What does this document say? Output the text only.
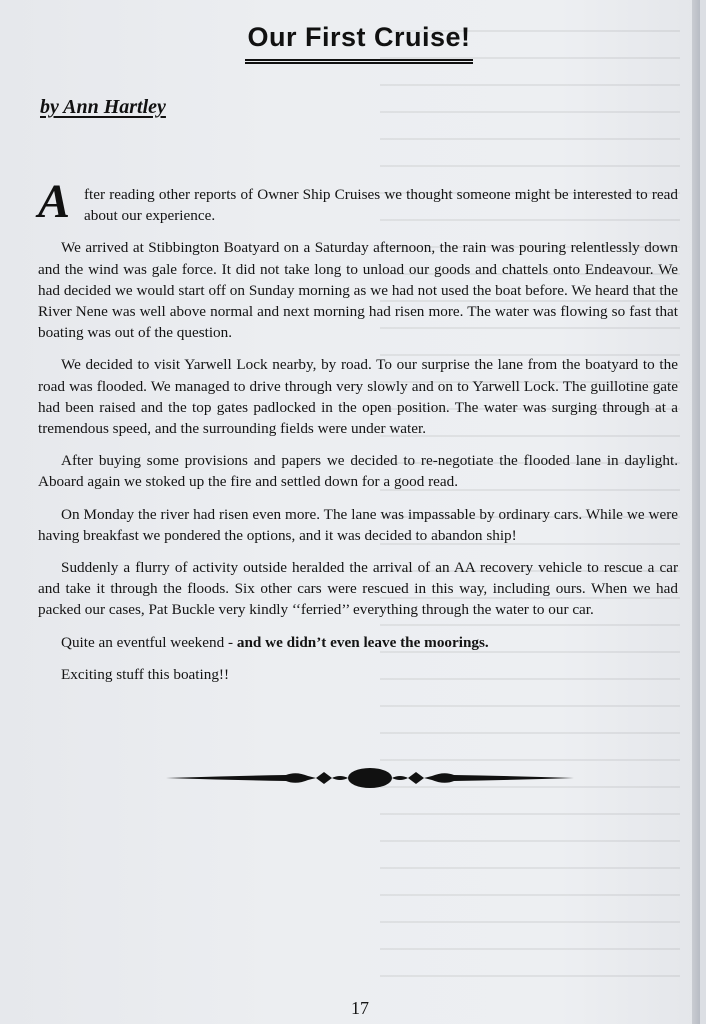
Our First Cruise!
by Ann Hartley

A fter reading other reports of Owner Ship Cruises we thought someone might be interested to read about our experience.

We arrived at Stibbington Boatyard on a Saturday afternoon, the rain was pouring relentlessly down and the wind was gale force. It did not take long to unload our goods and chattels onto Endeavour. We had decided we would start off on Sunday morning as we had not used the boat before. We heard that the River Nene was well above normal and next morning had risen more. The water was flowing so fast that boating was out of the question.

We decided to visit Yarwell Lock nearby, by road. To our surprise the lane from the boatyard to the road was flooded. We managed to drive through very slowly and on to Yarwell Lock. The guillotine gate had been raised and the top gates padlocked in the open position. The water was surging through at a tremendous speed, and the surrounding fields were under water.

After buying some provisions and papers we decided to re-negotiate the flooded lane in daylight. Aboard again we stoked up the fire and settled down for a good read.

On Monday the river had risen even more. The lane was impassable by ordinary cars. While we were having breakfast we pondered the options, and it was decided to abandon ship!

Suddenly a flurry of activity outside heralded the arrival of an AA recovery vehicle to rescue a car and take it through the floods. Six other cars were rescued in this way, including ours. When we had packed our cases, Pat Buckle very kindly ‘‘ferried’’ everything through the water to our car.

Quite an eventful weekend - and we didn’t even leave the moorings.

Exciting stuff this boating!!

17
